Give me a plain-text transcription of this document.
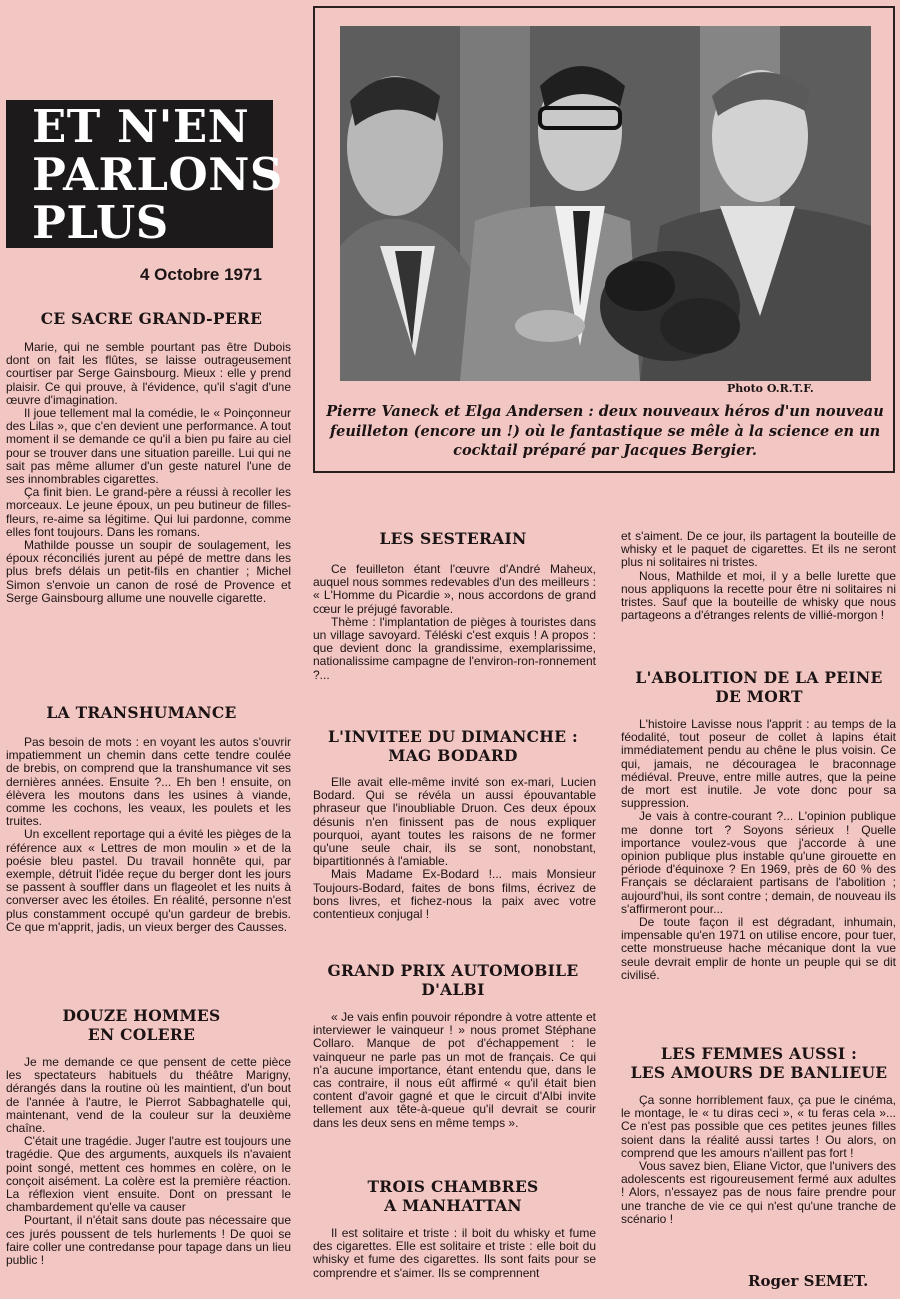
ET N'EN
PARLONS
PLUS
4 Octobre 1971
Photo O.R.T.F.
Pierre Vaneck et Elga Andersen : deux nouveaux héros d'un nouveau feuilleton (encore un !) où le fantastique se mêle à la science en un cocktail préparé par Jacques Bergier.
CE SACRE GRAND-PERE

Marie, qui ne semble pourtant pas être Dubois dont on fait les flûtes, se laisse outrageusement courtiser par Serge Gainsbourg. Mieux : elle y prend plaisir. Ce qui prouve, à l'évidence, qu'il s'agit d'une œuvre d'imagination.

Il joue tellement mal la comédie, le « Poinçonneur des Lilas », que c'en devient une performance. A tout moment il se demande ce qu'il a bien pu faire au ciel pour se trouver dans une situation pareille. Lui qui ne sait pas même allumer d'un geste naturel l'une de ses innombrables cigarettes.

Ça finit bien. Le grand-père a réussi à recoller les morceaux. Le jeune époux, un peu butineur de filles-fleurs, re-aime sa légitime. Qui lui pardonne, comme elles font toujours. Dans les romans.

Mathilde pousse un soupir de soulagement, les époux réconciliés jurent au pépé de mettre dans les plus brefs délais un petit-fils en chantier ; Michel Simon s'envoie un canon de rosé de Provence et Serge Gainsbourg allume une nouvelle cigarette.

LA TRANSHUMANCE

Pas besoin de mots : en voyant les autos s'ouvrir impatiemment un chemin dans cette tendre coulée de brebis, on comprend que la transhumance vit ses dernières années. Ensuite ?... Eh ben ! ensuite, on élèvera les moutons dans les usines à viande, comme les cochons, les veaux, les poulets et les truites.

Un excellent reportage qui a évité les pièges de la référence aux « Lettres de mon moulin » et de la poésie bleu pastel. Du travail honnête qui, par exemple, détruit l'idée reçue du berger dont les jours se passent à souffler dans un flageolet et les nuits à converser avec les étoiles. En réalité, personne n'est plus constamment occupé qu'un gardeur de brebis. Ce que m'apprit, jadis, un vieux berger des Causses.

DOUZE HOMMES
EN COLERE

Je me demande ce que pensent de cette pièce les spectateurs habituels du théâtre Marigny, dérangés dans la routine où les maintient, d'un bout de l'année à l'autre, le Pierrot Sabbaghatelle qui, maintenant, vend de la couleur sur la deuxième chaîne.

C'était une tragédie. Juger l'autre est toujours une tragédie. Que des arguments, auxquels ils n'avaient point songé, mettent ces hommes en colère, on le conçoit aisément. La colère est la première réaction. La réflexion vient ensuite. Dont on pressant le chambardement qu'elle va causer

Pourtant, il n'était sans doute pas nécessaire que ces jurés poussent de tels hurlements ! De quoi se faire coller une contredanse pour tapage dans un lieu public !

LES SESTERAIN

Ce feuilleton étant l'œuvre d'André Maheux, auquel nous sommes redevables d'un des meilleurs : « L'Homme du Picardie », nous accordons de grand cœur le préjugé favorable.

Thème : l'implantation de pièges à touristes dans un village savoyard. Téléski c'est exquis ! A propos : que devient donc la grandissime, exemplarissime, nationalissime campagne de l'environ-ron-ronnement ?...

L'INVITEE DU DIMANCHE :
MAG BODARD

Elle avait elle-même invité son ex-mari, Lucien Bodard. Qui se révéla un aussi épouvantable phraseur que l'inoubliable Druon. Ces deux époux désunis n'en finissent pas de nous expliquer pourquoi, ayant toutes les raisons de ne former qu'une seule chair, ils se sont, nonobstant, bipartitionnés à l'amiable.

Mais Madame Ex-Bodard !... mais Monsieur Toujours-Bodard, faites de bons films, écrivez de bons livres, et fichez-nous la paix avec votre contentieux conjugal !

GRAND PRIX AUTOMOBILE
D'ALBI

« Je vais enfin pouvoir répondre à votre attente et interviewer le vainqueur ! » nous promet Stéphane Collaro. Manque de pot d'échappement : le vainqueur ne parle pas un mot de français. Ce qui n'a aucune importance, étant entendu que, dans le cas contraire, il nous eût affirmé « qu'il était bien content d'avoir gagné et que le circuit d'Albi invite tellement aux tête-à-queue qu'il devrait se courir dans les deux sens en même temps ».

TROIS CHAMBRES
A MANHATTAN

Il est solitaire et triste : il boit du whisky et fume des cigarettes. Elle est solitaire et triste : elle boit du whisky et fume des cigarettes. Ils sont faits pour se comprendre et s'aimer. Ils se comprennent

et s'aiment. De ce jour, ils partagent la bouteille de whisky et le paquet de cigarettes. Et ils ne seront plus ni solitaires ni tristes.

Nous, Mathilde et moi, il y a belle lurette que nous appliquons la recette pour être ni solitaires ni tristes. Sauf que la bouteille de whisky que nous partageons a d'étranges relents de villié-morgon !

L'ABOLITION DE LA PEINE
DE MORT

L'histoire Lavisse nous l'apprit : au temps de la féodalité, tout poseur de collet à lapins était immédiatement pendu au chêne le plus voisin. Ce qui, jamais, ne découragea le braconnage médiéval. Preuve, entre mille autres, que la peine de mort est inutile. Je vote donc pour sa suppression.

Je vais à contre-courant ?... L'opinion publique me donne tort ? Soyons sérieux ! Quelle importance voulez-vous que j'accorde à une opinion publique plus instable qu'une girouette en période d'équinoxe ? En 1969, près de 60 % des Français se déclaraient partisans de l'abolition ; aujourd'hui, ils sont contre ; demain, de nouveau ils s'affirmeront pour...

De toute façon il est dégradant, inhumain, impensable qu'en 1971 on utilise encore, pour tuer, cette monstrueuse hache mécanique dont la vue seule devrait emplir de honte un peuple qui se dit civilisé.

LES FEMMES AUSSI :
LES AMOURS DE BANLIEUE

Ça sonne horriblement faux, ça pue le cinéma, le montage, le « tu diras ceci », « tu feras cela »... Ce n'est pas possible que ces petites jeunes filles soient dans la réalité aussi tartes ! Ou alors, on comprend que les amours n'aillent pas fort !

Vous savez bien, Eliane Victor, que l'univers des adolescents est rigoureusement fermé aux adultes ! Alors, n'essayez pas de nous faire prendre pour une tranche de vie ce qui n'est qu'une tranche de scénario !

Roger SEMET.
